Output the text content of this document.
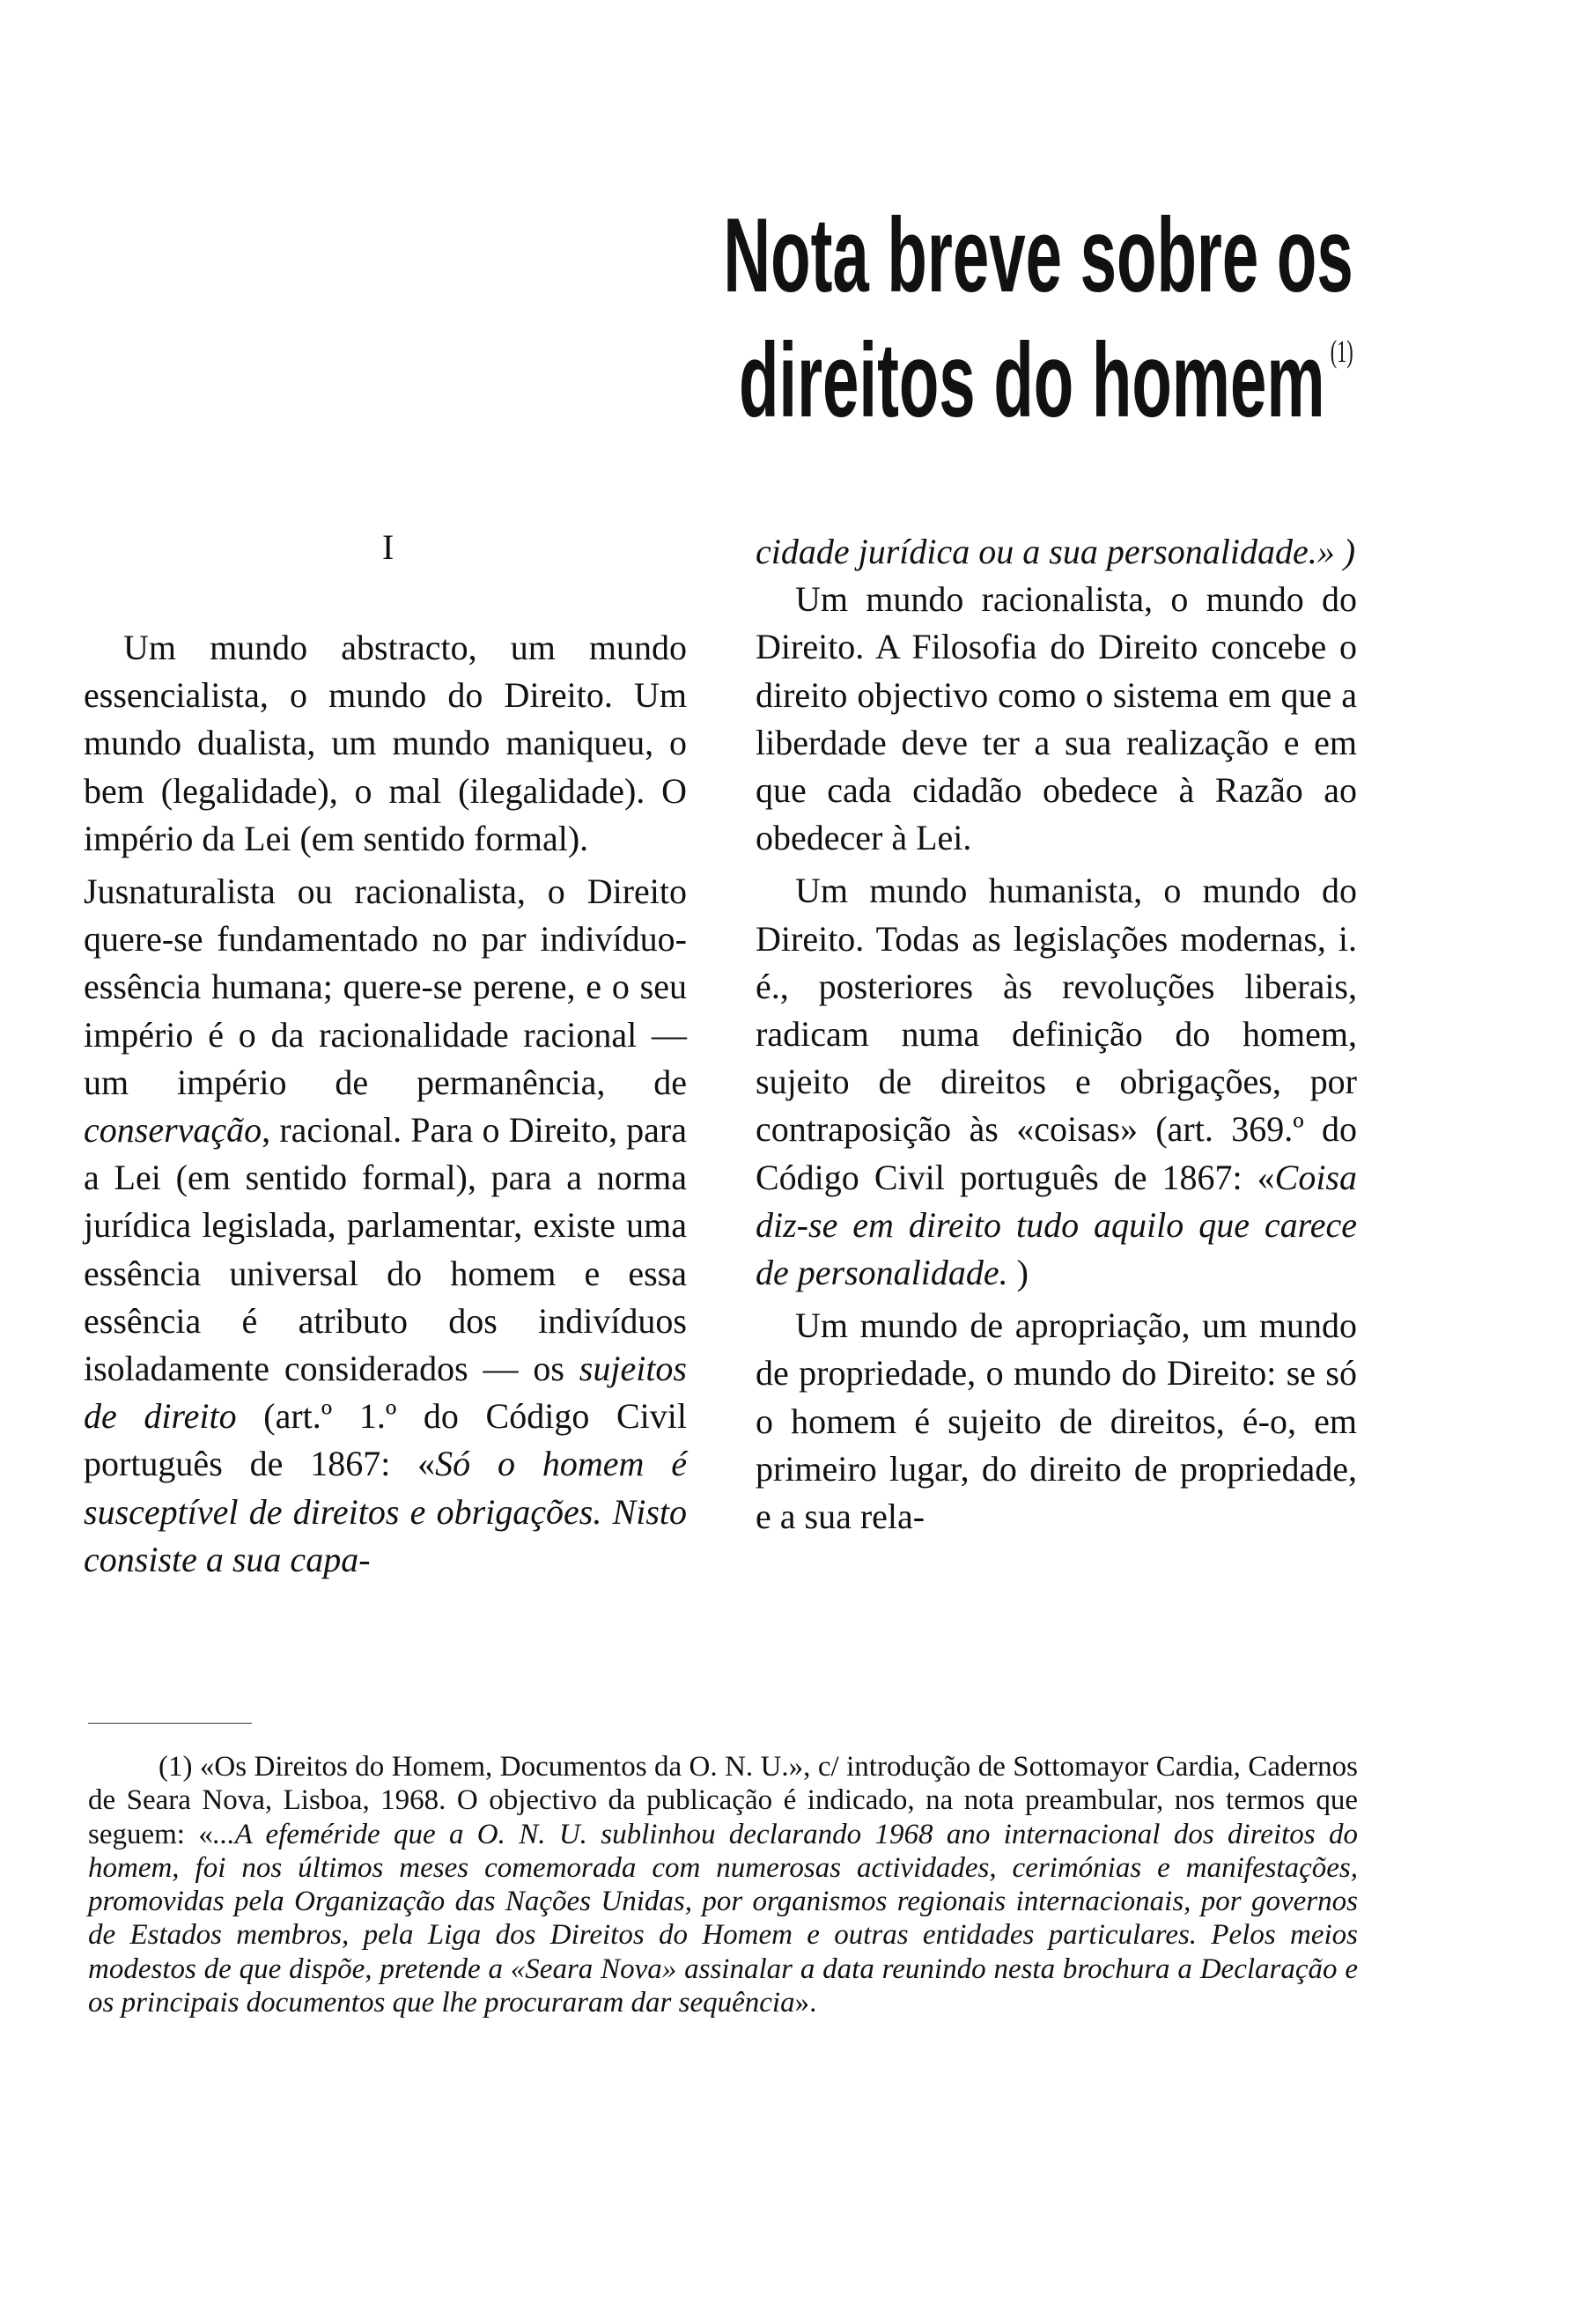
Nota breve sobre os
direitos do homem $^{(1)}$
I

Um mundo abstracto, um mundo essencialista, o mundo do Direito. Um mundo dualista, um mundo maniqueu, o bem (legalidade), o mal (ilegalidade). O império da Lei (em sentido formal).

Jusnaturalista ou racionalista, o Direito quere-se fundamentado no par indivíduo-essência humana; quere-se perene, e o seu império é o da racionalidade racional — um império de permanência, de conservação, racional. Para o Direito, para a Lei (em sentido formal), para a norma jurídica legislada, parlamentar, existe uma essência universal do homem e essa essência é atributo dos indivíduos isoladamente considerados — os sujeitos de direito (art.º 1.º do Código Civil português de 1867: «Só o homem é susceptível de direitos e obrigações. Nisto consiste a sua capa-

cidade jurídica ou a sua personalidade.» )

Um mundo racionalista, o mundo do Direito. A Filosofia do Direito concebe o direito objectivo como o sistema em que a liberdade deve ter a sua realização e em que cada cidadão obedece à Razão ao obedecer à Lei.

Um mundo humanista, o mundo do Direito. Todas as legislações modernas, i. é., posteriores às revoluções liberais, radicam numa definição do homem, sujeito de direitos e obrigações, por contraposição às «coisas» (art. 369.º do Código Civil português de 1867: «Coisa diz-se em direito tudo aquilo que carece de personalidade. )

Um mundo de apropriação, um mundo de propriedade, o mundo do Direito: se só o homem é sujeito de direitos, é-o, em primeiro lugar, do direito de propriedade, e a sua rela-

(1) «Os Direitos do Homem, Documentos da O. N. U.», c/ introdução de Sottomayor Cardia, Cadernos de Seara Nova, Lisboa, 1968. O objectivo da publicação é indicado, na nota preambular, nos termos que seguem: «...A efeméride que a O. N. U. sublinhou declarando 1968 ano internacional dos direitos do homem, foi nos últimos meses comemorada com numerosas actividades, cerimónias e manifestações, promovidas pela Organização das Nações Unidas, por organismos regionais internacionais, por governos de Estados membros, pela Liga dos Direitos do Homem e outras entidades particulares. Pelos meios modestos de que dispõe, pretende a «Seara Nova» assinalar a data reunindo nesta brochura a Declaração e os principais documentos que lhe procuraram dar sequência».
